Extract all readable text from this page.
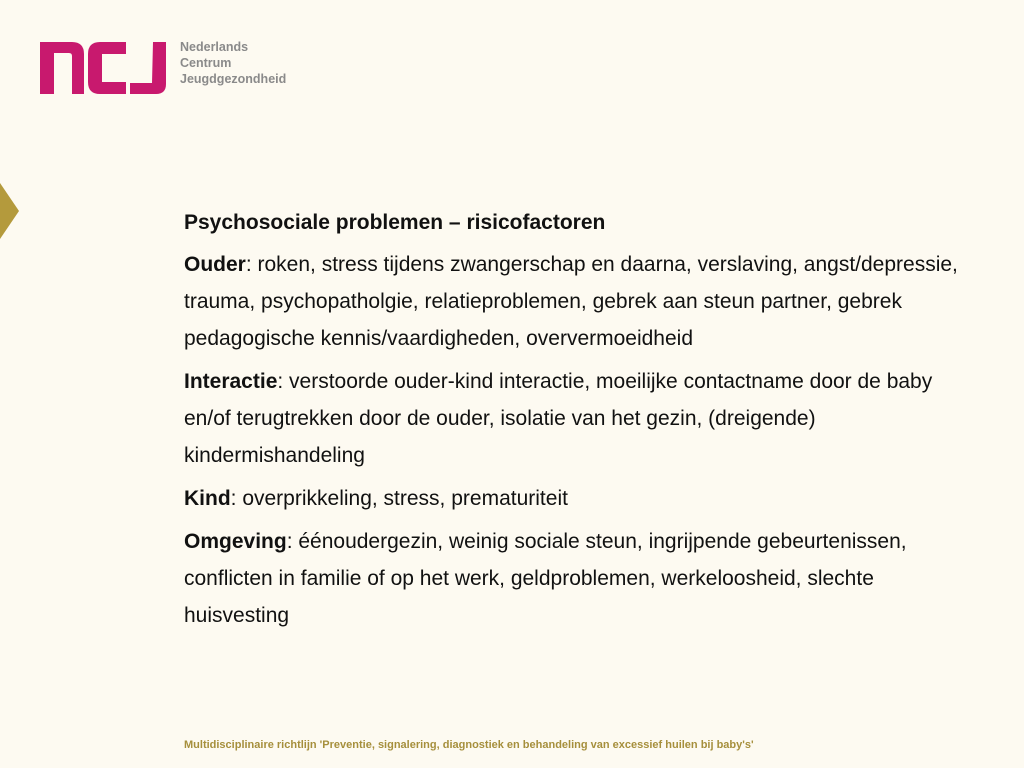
Nederlands
Centrum
Jeugdgezondheid
Psychosociale problemen – risicofactoren

Ouder: roken, stress tijdens zwangerschap en daarna, verslaving, angst/depressie, trauma, psychopatholgie, relatieproblemen, gebrek aan steun partner, gebrek pedagogische kennis/vaardigheden, oververmoeidheid

Interactie: verstoorde ouder-kind interactie, moeilijke contactname door de baby en/of terugtrekken door de ouder, isolatie van het gezin, (dreigende) kindermishandeling

Kind: overprikkeling, stress, prematuriteit

Omgeving: éénoudergezin, weinig sociale steun, ingrijpende gebeurtenissen, conflicten in familie of op het werk, geldproblemen, werkeloosheid, slechte huisvesting

Multidisciplinaire richtlijn 'Preventie, signalering, diagnostiek en behandeling van excessief huilen bij baby's'
